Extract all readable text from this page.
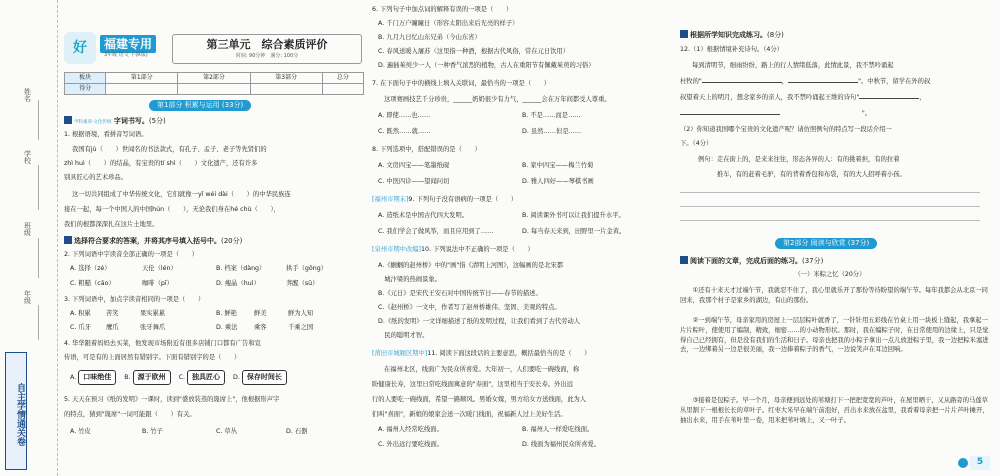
姓名
学校
班级
年级
自主学情通关卷
好	福建专用
3年级 语文 下(R版)
第三单元　综合素质评价
时间: 90分钟　满分: 100分
板块	第1部分	第2部分	第3部分	总分
得分				
第1部分 积累与运用 (33分)
学科素养·文化传统 字词书写。(5分)
1. 根据语境，看拼音写词语。
我国有jù（　　）世闻名的书法款式，有孔子、孟子、老子等先贤们的
zhì huì（　　）的结晶，有宝贵的tí shì（　　）文化遗产，还有许多
别具匠心的艺术珍品。
这一切共同组成了中华传统文化，它们就像一yǐ wéi dài（　　）的中华民族连
接在一起，每一个中国人的中国hún（　　），无论我们身在hé chù（　　），
我们的根都深深扎在这片土地里。
选择符合要求的答案，并将其序号填入括号中。(20分)
2. 下列词语中字读音全部正确的一项是（　　）
A. 选择（zé）	天伦（lén）	B. 档案（dàng）	拱手（gǒng）
C. 粗糙（cāo）	咖啡（pī）	D. 瘦晶（huì）	荠醒（sū）
3. 下列词语中，加点字读音相同的一项是（　　）
A. 积累 苦笑	果实累累	B. 鲜艳	鲜美	鲜为人知
C. 爪牙 鹰爪	张牙舞爪	D. 乘法	乘客	千乘之国
4. 华华跟着妈妈去买菜，他发现市场附近有很多店铺门口都有广告和宣
传语，可是有的上面居然有错别字。下面有错别字的是（　　）
A. 口味绝佳 B. 源于欧州 C. 独具匠心 D. 保存时间长
5. 天天在预习《纸的发明》一课时，读到"盛放装蒸的篾席上"，他根据形声字
的特点，猜到"篾席"一词可能跟（　　）有关。
A. 竹皮	B. 竹子	C. 草丛	D. 石器
6. 下列句子中加点词的解释有误的一项是（　　）
A. 千门万户曈曈日（形容太阳出来后光亮的样子）
B. 九月九日忆山东兄弟（今山东省）
C. 春风送暖入屠苏（这里指一种酒，根据古代风俗，常在元日饮用）
D. 遍插茱萸少一人（一种香气浓烈的植物，古人在重阳节有佩戴茱萸的习俗）
7. 在下面句子中的横线上填入关联词，最恰当的一项是（　　）
这项赛画技艺千分珍贵，______奶奶很少有力气，______会在万年间都受人尊重。
A. 即使……也……	B. 不是……而是……
C. 既然……就……	D. 虽然……但是……
8. 下列选项中，搭配错误的是（　　）
A. 文房四宝——笔墨纸砚	B. 家中四宝——梅兰竹菊
C. 中医四诊——望闻问切	D. 雅人四好——琴棋书画
[福州市期末]9. 下列句子没有语病的一项是（　　）
A. 造纸术是中国古代四大发明。	B. 阅读课外书可以让我们提升水平。
C. 我们学会了做风筝，而且应用到了……	D. 每当春天来到，田野里一片金黄。
[泉州市期中改编]10. 下列说法中不正确的一项是（　　）
A.《蝈蝈的赵州桥》中的"画"指《清明上河图》，这幅画的是北宋都
　城汴梁的热闹景象。
B.《元日》是宋代王安石对中国传统节日——春节的描述。
C.《赵州桥》一文中，作者写了赵州桥雄伟、坚固、美观的特点。
D.《纸的发明》一文详细描述了纸的发明过程，让我们看到了古代劳动人
　民的聪明才智。
[莆田市城厢区期中]11. 阅读下面这段话的主要意思，概括最恰当的是（　　）
在福州北区，线面广为民众所喜爱。大年初一，人们要吃一碗线面，称
盼健康长寿，这里日常吃线面寓意的"寿面"，这里相当于安长寿。外出远
行的人要吃一碗线面，希望一路顺风。男婚女嫁，男方给女方送线面，此为人
们叫"喜面"，新娘的娘家会送一次暖门线面，祝福新人过上美好生活。
A. 福州人经常吃线面。	B. 福州人一样爱吃线面。
C. 外出远行要吃线面。	D. 线面为福州民众所喜爱。
根据所学知识完成练习。(8分)
12.（1）根据情境补充诗句。（4分）
每到清明节，细雨纷纷，路上的行人情绪低落，此情此景，我不禁吟诵起
杜牧的"	，	"。中秋节，留学在外的叔
叔望着天上的明月，想念家乡的亲人，我不禁吟诵起王维的诗句"	，
　　　　　　　　　　　　　"。
（2）你知道我国哪个宝贵的文化遗产呢？请仿照例句的特点写一段话介绍一
下。（4分）
例句：走在街上的，是来来往往，形态各异的人：有的挑着担，有的拉着
　　　推车，有的赶着毛驴，有的背着香包和布袋，有的大人招呼着小孩。
第2部分 阅读与欣赏 (37分)
阅读下面的文章，完成后面的练习。(37分)
（一）米粽之忆（20分）
①还有十来天才过端午节，我就忍不住了，我心里就乐开了那份等待盼望的端午节。每年我都会从北京一同回来，我那个村子是家乡的湖边，有山的那份。
②一到端午节，母亲家用的房屋上一层层粽叶就香了，一针针用五彩线在竹桌上用一块板上缝起，我拿起一片片粽叶，使使用了编制，精致，细密……的小动物形状。那时，我在编粽子时，在日常使用的边缘上，只是觉得自己已经拥有，但是没有我们的生活和日子。母亲也把我的小粽子拿出一点儿放进粽子里，我一边把粽米塞进去，一边绑着另一边是很美丽，我一边捧着粽子的香气，一边说笑声在耳边回响。
③接着是包粽子。早一个月，母亲便到远处的苇塘打下一把把宽宽的芦叶，在屋里晒干，又从路旁的马莲草丛里割下一根根长长的草叶子。红枣大米早在端午前泡好，舀出水来放在盆里，我看着母亲把一片片芦叶摊开，抽出水来，用手在苇叶里一卷，用米把苇叶填上，又一叶子。
5
